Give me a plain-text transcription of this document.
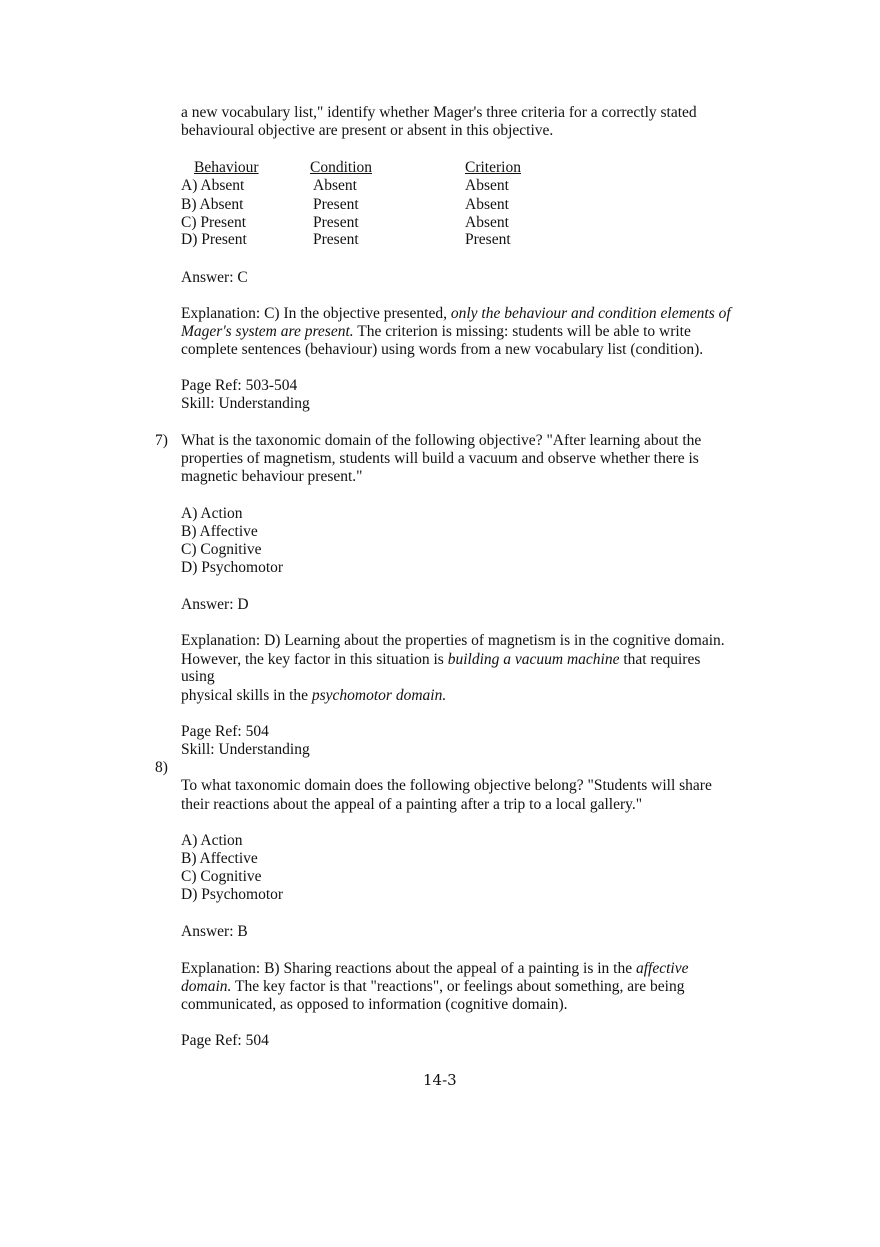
a new vocabulary list," identify whether Mager's three criteria for a correctly stated
behavioural objective are present or absent in this objective.
Behaviour	Condition	Criterion
A) Absent	Absent	Absent
B) Absent	Present	Absent
C) Present	Present	Absent
D) Present	Present	Present
Answer: C
Explanation: C) In the objective presented, only the behaviour and condition elements of
Mager's system are present. The criterion is missing: students will be able to write
complete sentences (behaviour) using words from a new vocabulary list (condition).
Page Ref: 503-504
Skill: Understanding
7) What is the taxonomic domain of the following objective? "After learning about the
properties of magnetism, students will build a vacuum and observe whether there is
magnetic behaviour present."
A) Action
B) Affective
C) Cognitive
D) Psychomotor
Answer: D
Explanation: D) Learning about the properties of magnetism is in the cognitive domain.
However, the key factor in this situation is building a vacuum machine that requires
using
physical skills in the psychomotor domain.
Page Ref: 504
Skill: Understanding
8)
To what taxonomic domain does the following objective belong? "Students will share
their reactions about the appeal of a painting after a trip to a local gallery."
A) Action
B) Affective
C) Cognitive
D) Psychomotor
Answer: B
Explanation: B) Sharing reactions about the appeal of a painting is in the affective
domain. The key factor is that "reactions", or feelings about something, are being
communicated, as opposed to information (cognitive domain).
Page Ref: 504
14-3
